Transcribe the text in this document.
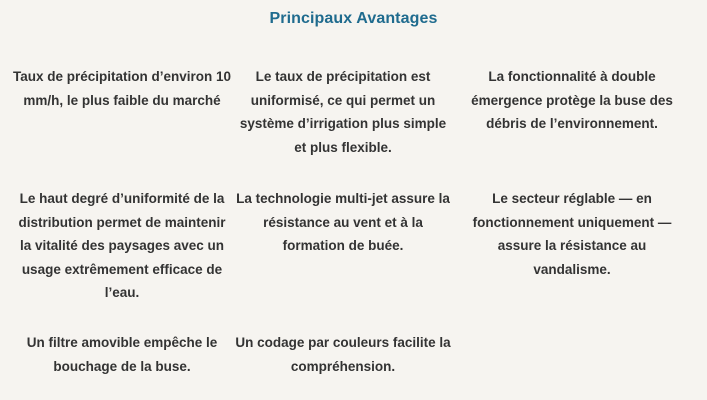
Principaux Avantages
Taux de précipitation d’environ 10 mm/h, le plus faible du marché
Le taux de précipitation est uniformisé, ce qui permet un système d’irrigation plus simple et plus flexible.
La fonctionnalité à double émergence protège la buse des débris de l’environnement.
Le haut degré d’uniformité de la distribution permet de maintenir la vitalité des paysages avec un usage extrêmement efficace de l’eau.
La technologie multi-jet assure la résistance au vent et à la formation de buée.
Le secteur réglable — en fonctionnement uniquement — assure la résistance au vandalisme.
Un filtre amovible empêche le bouchage de la buse.
Un codage par couleurs facilite la compréhension.
